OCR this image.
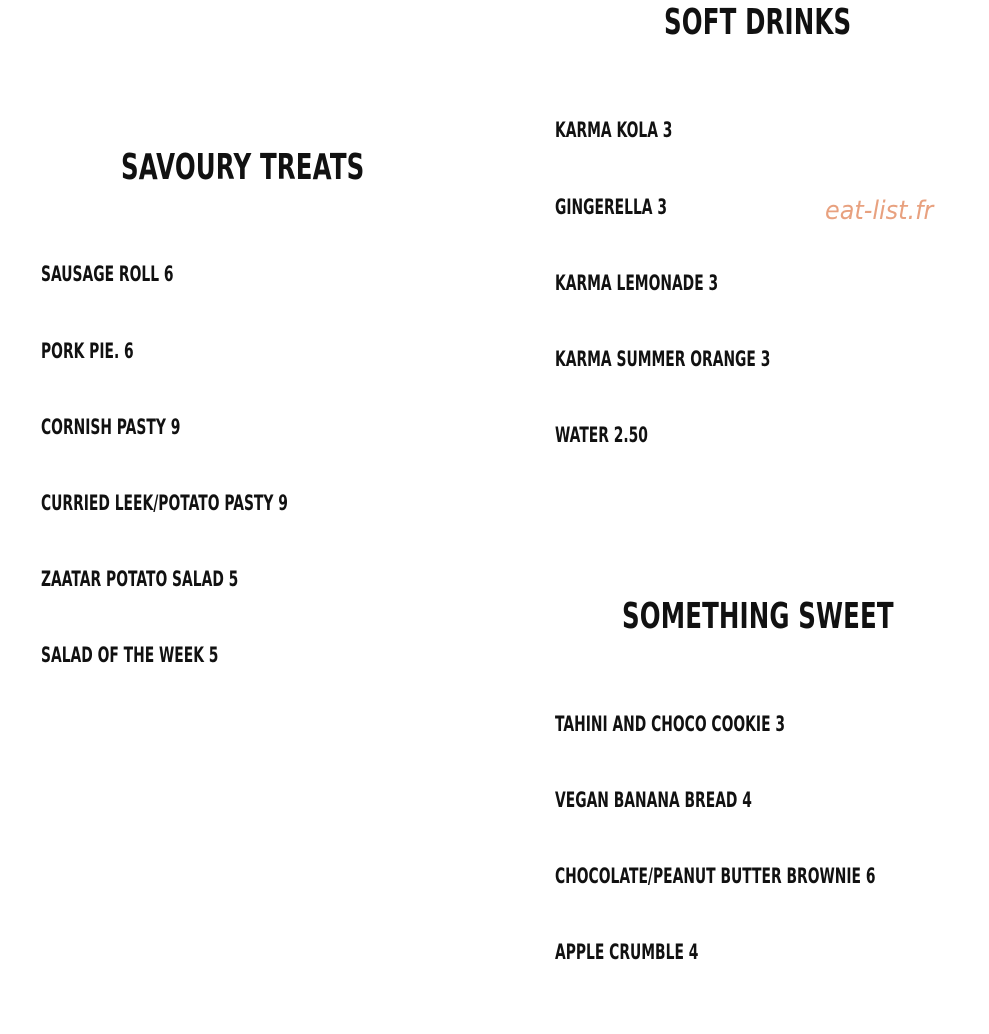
SOFT DRINKS

KARMA KOLA 3

GINGERELLA 3

KARMA LEMONADE 3

KARMA SUMMER ORANGE 3

WATER 2.50

eat-list.fr
SAVOURY TREATS

SAUSAGE ROLL 6

PORK PIE. 6

CORNISH PASTY 9

CURRIED LEEK/POTATO PASTY 9

ZAATAR POTATO SALAD 5

SALAD OF THE WEEK 5

SOMETHING SWEET

TAHINI AND CHOCO COOKIE 3

VEGAN BANANA BREAD 4

CHOCOLATE/PEANUT BUTTER BROWNIE 6

APPLE CRUMBLE 4
